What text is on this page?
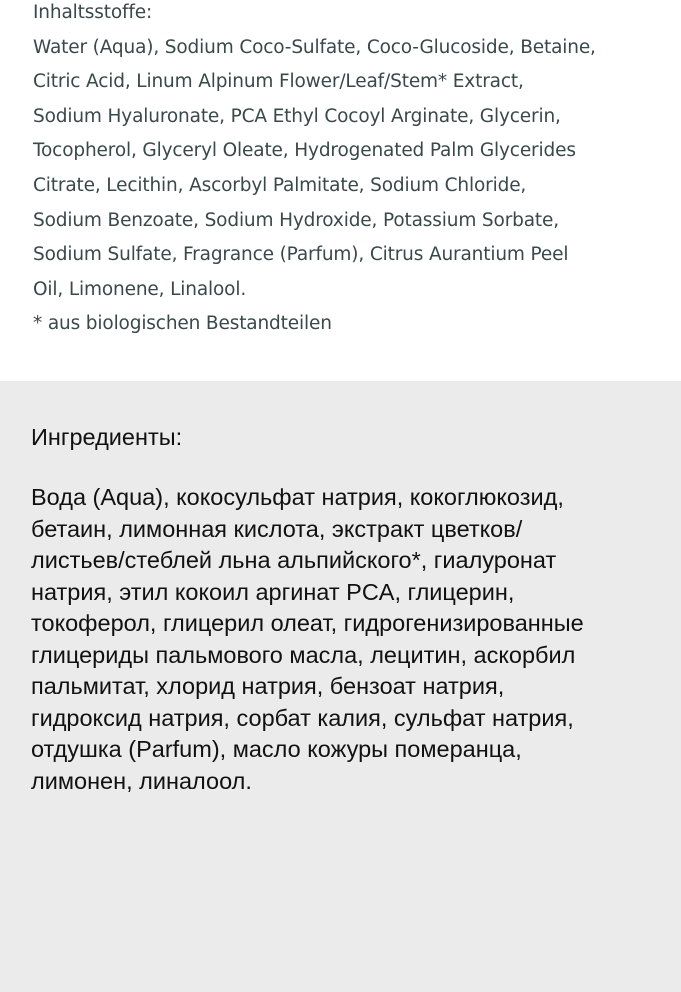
Inhaltsstoffe:
Water (Aqua), Sodium Coco-Sulfate, Coco-Glucoside, Betaine,
Citric Acid, Linum Alpinum Flower/Leaf/Stem* Extract,
Sodium Hyaluronate, PCA Ethyl Cocoyl Arginate, Glycerin,
Tocopherol, Glyceryl Oleate, Hydrogenated Palm Glycerides
Citrate, Lecithin, Ascorbyl Palmitate, Sodium Chloride,
Sodium Benzoate, Sodium Hydroxide, Potassium Sorbate,
Sodium Sulfate, Fragrance (Parfum), Citrus Aurantium Peel
Oil, Limonene, Linalool.
* aus biologischen Bestandteilen
Ингредиенты:
Вода (Aqua), кокосульфат натрия, кокоглюкозид,
бетаин, лимонная кислота, экстракт цветков/
листьев/стеблей льна альпийского*, гиалуронат
натрия, этил кокоил аргинат PCA, глицерин,
токоферол, глицерил олеат, гидрогенизированные
глицериды пальмового масла, лецитин, аскорбил
пальмитат, хлорид натрия, бензоат натрия,
гидроксид натрия, сорбат калия, сульфат натрия,
отдушка (Parfum), масло кожуры померанца,
лимонен, линалоол.
